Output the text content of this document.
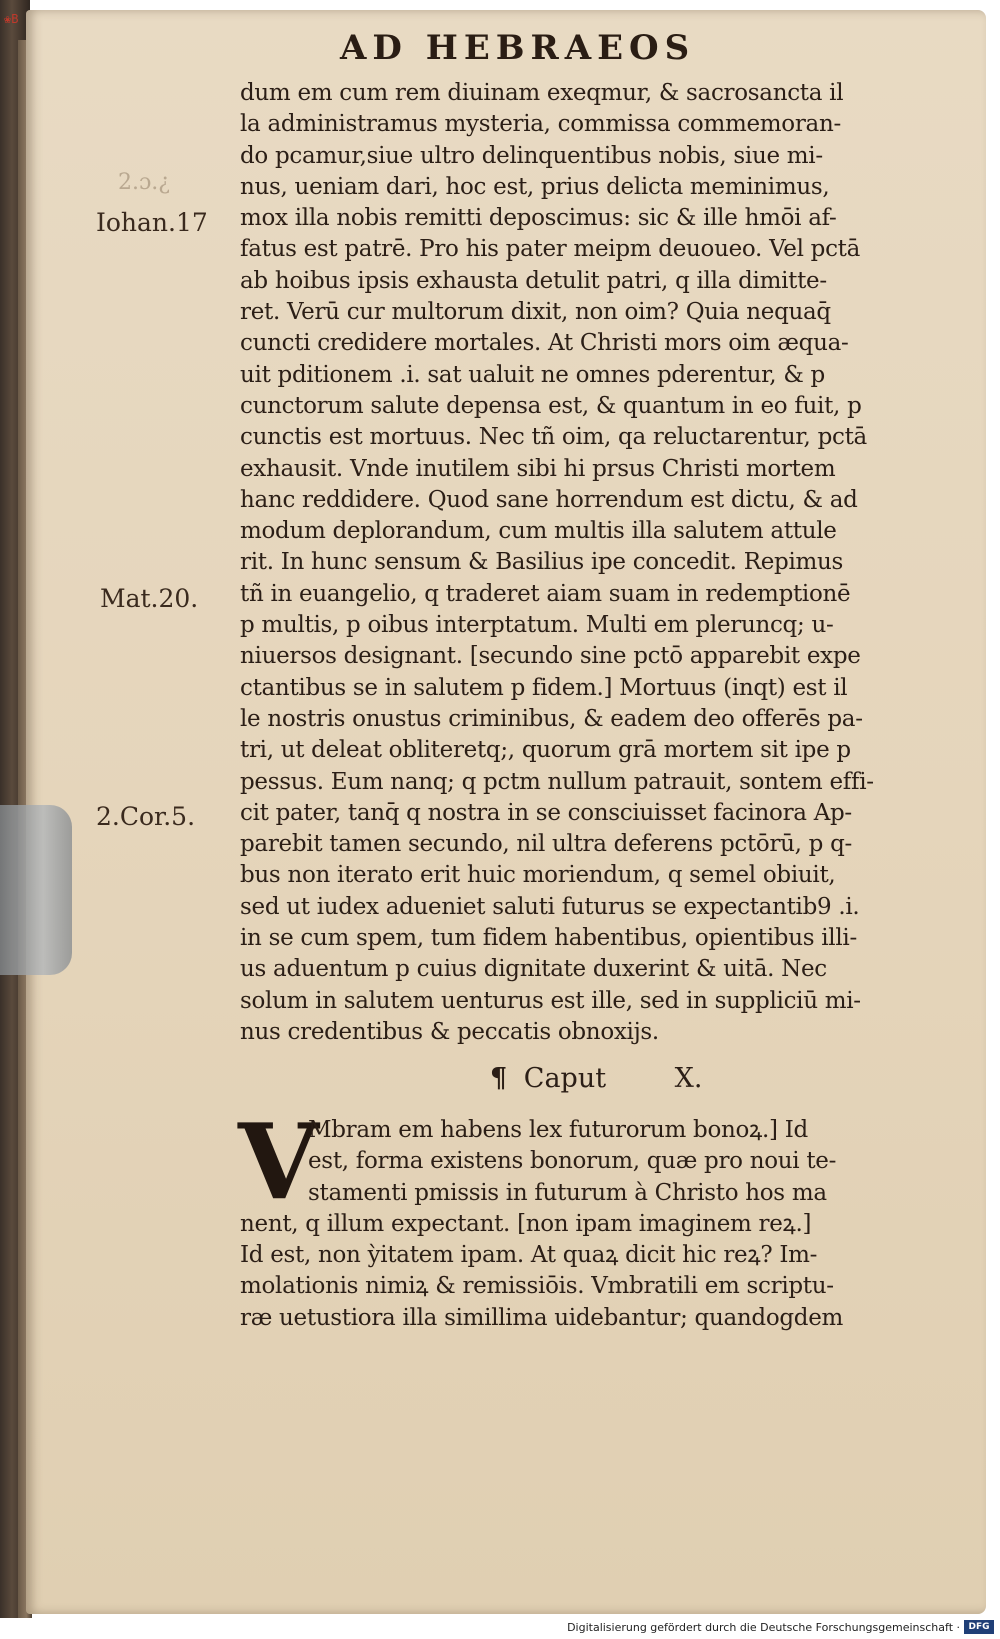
❀B
AD HEBRAEOS
2.ɔ.¿
Iohan.17
Mat.20.
2.Cor.5.
dum em cum rem diuinam exeqmur, & sacrosancta il
la administramus mysteria, commissa commemoran-
do pcamur,siue ultro delinquentibus nobis, siue mi-
nus, ueniam dari, hoc est, prius delicta meminimus,
mox illa nobis remitti deposcimus: sic & ille hmōi af-
fatus est patrē. Pro his pater meipm deuoueo. Vel pctā
ab hoibus ipsis exhausta detulit patri, q illa dimitte-
ret. Verū cur multorum dixit, non oim? Quia nequaq̄
cuncti credidere mortales. At Christi mors oim æqua-
uit pditionem .i. sat ualuit ne omnes pderentur, & p
cunctorum salute depensa est, & quantum in eo fuit, p
cunctis est mortuus. Nec tñ oim, qa reluctarentur, pctā
exhausit. Vnde inutilem sibi hi prsus Christi mortem
hanc reddidere. Quod sane horrendum est dictu, & ad
modum deplorandum, cum multis illa salutem attule
rit. In hunc sensum & Basilius ipe concedit. Repimus
tñ in euangelio, q traderet aiam suam in redemptionē
p multis, p oibus interptatum. Multi em pleruncq; u-
niuersos designant. [secundo sine pctō apparebit expe
ctantibus se in salutem p fidem.] Mortuus (inqt) est il
le nostris onustus criminibus, & eadem deo offerēs pa-
tri, ut deleat obliteretq;, quorum grā mortem sit ipe p
pessus. Eum nanq; q pctm nullum patrauit, sontem effi-
cit pater, tanq̄ q nostra in se consciuisset facinora Ap-
parebit tamen secundo, nil ultra deferens pctōrū, p q-
bus non iterato erit huic moriendum, q semel obiuit,
sed ut iudex adueniet saluti futurus se expectantib9 .i.
in se cum spem, tum fidem habentibus, opientibus illi-
us aduentum p cuius dignitate duxerint & uitā. Nec
solum in salutem uenturus est ille, sed in suppliciū mi-
nus credentibus & peccatis obnoxijs.
¶ Caput	X.
V
Mbram em habens lex futurorum bonoꝝ.] Id
est, forma existens bonorum, quæ pro noui te-
stamenti pmissis in futurum à Christo hos ma
nent, q illum expectant. [non ipam imaginem reꝝ.]
Id est, non ỳitatem ipam. At quaꝝ dicit hic reꝝ? Im-
molationis nimiꝝ & remissiōis. Vmbratili em scriptu-
ræ uetustiora illa simillima uidebantur; quandogdem
Digitalisierung gefördert durch die Deutsche Forschungsgemeinschaft · DFG
